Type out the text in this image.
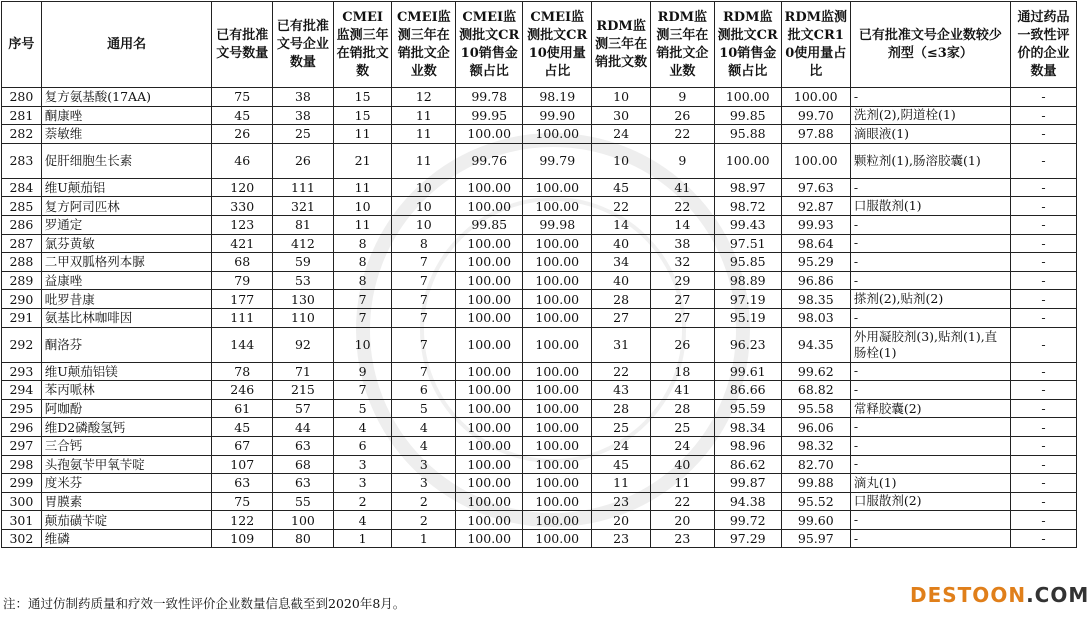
序号	通用名	已有批准文号数量	已有批准文号企业数量	CMEI监测三年在销批文数	CMEI监测三年在销批文企业数	CMEI监测批文CR10销售金额占比	CMEI监测批文CR10使用量占比	RDM监测三年在销批文数	RDM监测三年在销批文企业数	RDM监测批文CR10销售金额占比	RDM监测批文CR10使用量占比	已有批准文号企业数较少剂型（≤3家）	通过药品一致性评价的企业数量
280	复方氨基酸(17AA)	75	38	15	12	99.78	98.19	10	9	100.00	100.00	-	-
281	酮康唑	45	38	15	11	99.95	99.90	30	26	99.85	99.70	洗剂(2),阴道栓(1)	-
282	萘敏维	26	25	11	11	100.00	100.00	24	22	95.88	97.88	滴眼液(1)	-
283	促肝细胞生长素	46	26	21	11	99.76	99.79	10	9	100.00	100.00	颗粒剂(1),肠溶胶囊(1)	-
284	维U颠茄铝	120	111	11	10	100.00	100.00	45	41	98.97	97.63	-	-
285	复方阿司匹林	330	321	10	10	100.00	100.00	22	22	98.72	92.87	口服散剂(1)	-
286	罗通定	123	81	11	10	99.85	99.98	14	14	99.43	99.93	-	-
287	氯芬黄敏	421	412	8	8	100.00	100.00	40	38	97.51	98.64	-	-
288	二甲双胍格列本脲	68	59	8	7	100.00	100.00	34	32	95.85	95.29	-	-
289	益康唑	79	53	8	7	100.00	100.00	40	29	98.89	96.86	-	-
290	吡罗昔康	177	130	7	7	100.00	100.00	28	27	97.19	98.35	搽剂(2),贴剂(2)	-
291	氨基比林咖啡因	111	110	7	7	100.00	100.00	27	27	95.19	98.03	-	-
292	酮洛芬	144	92	10	7	100.00	100.00	31	26	96.23	94.35	外用凝胶剂(3),贴剂(1),直肠栓(1)	-
293	维U颠茄铝镁	78	71	9	7	100.00	100.00	22	18	99.61	99.62	-	-
294	苯丙哌林	246	215	7	6	100.00	100.00	43	41	86.66	68.82	-	-
295	阿咖酚	61	57	5	5	100.00	100.00	28	28	95.59	95.58	常释胶囊(2)	-
296	维D2磷酸氢钙	45	44	4	4	100.00	100.00	25	25	98.34	96.06	-	-
297	三合钙	67	63	6	4	100.00	100.00	24	24	98.96	98.32	-	-
298	头孢氨苄甲氧苄啶	107	68	3	3	100.00	100.00	45	40	86.62	82.70	-	-
299	度米芬	63	63	3	3	100.00	100.00	11	11	99.87	99.88	滴丸(1)	-
300	胃膜素	75	55	2	2	100.00	100.00	23	22	94.38	95.52	口服散剂(2)	-
301	颠茄磺苄啶	122	100	4	2	100.00	100.00	20	20	99.72	99.60	-	-
302	维磷	109	80	1	1	100.00	100.00	23	23	97.29	95.97	-	-
注：通过仿制药质量和疗效一致性评价企业数量信息截至到2020年8月。	DESTOON.COM
